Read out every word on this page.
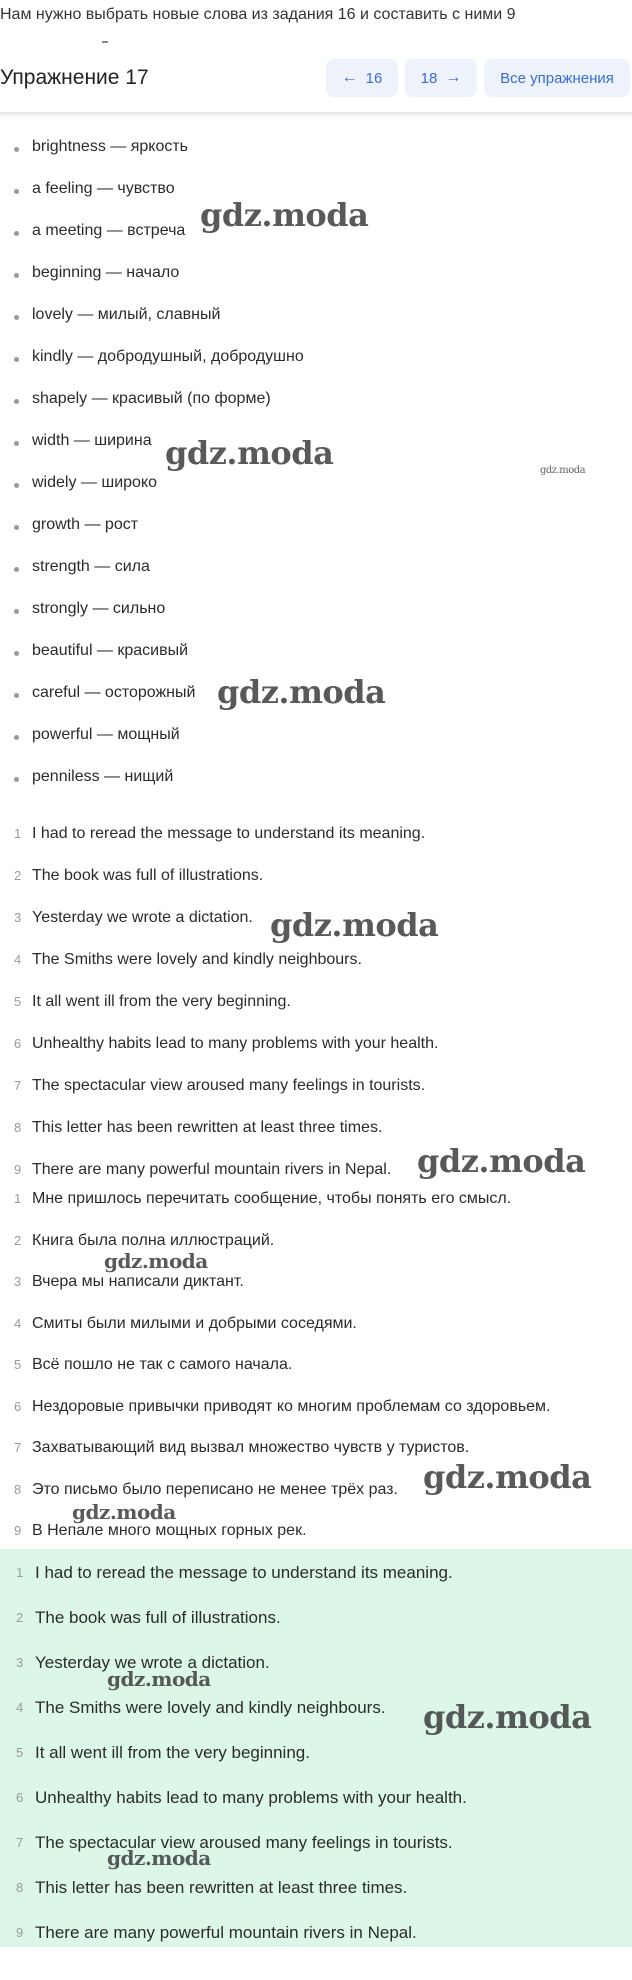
Нам нужно выбрать новые слова из задания 16 и составить с ними 9
brightness — яркость
a feeling — чувство
a meeting — встреча
beginning — начало
lovely — милый, славный
kindly — добродушный, добродушно
shapely — красивый (по форме)
width — ширина
widely — широко
growth — рост
strength — сила
strongly — сильно
beautiful — красивый
careful — осторожный
powerful — мощный
penniless — нищий
1 I had to reread the message to understand its meaning.
2 The book was full of illustrations.
3 Yesterday we wrote a dictation.
4 The Smiths were lovely and kindly neighbours.
5 It all went ill from the very beginning.
6 Unhealthy habits lead to many problems with your health.
7 The spectacular view aroused many feelings in tourists.
8 This letter has been rewritten at least three times.
9 There are many powerful mountain rivers in Nepal.
1 Мне пришлось перечитать сообщение, чтобы понять его смысл.
2 Книга была полна иллюстраций.
3 Вчера мы написали диктант.
4 Смиты были милыми и добрыми соседями.
5 Всё пошло не так с самого начала.
6 Нездоровые привычки приводят ко многим проблемам со здоровьем.
7 Захватывающий вид вызвал множество чувств у туристов.
8 Это письмо было переписано не менее трёх раз.
9 В Непале много мощных горных рек.
1 I had to reread the message to understand its meaning.
2 The book was full of illustrations.
3 Yesterday we wrote a dictation.
4 The Smiths were lovely and kindly neighbours.
5 It all went ill from the very beginning.
6 Unhealthy habits lead to many problems with your health.
7 The spectacular view aroused many feelings in tourists.
8 This letter has been rewritten at least three times.
9 There are many powerful mountain rivers in Nepal.
Упражнение 17	← 16	18 →	Все упражнения
gdz.moda
gdz.moda	gdz.moda
gdz.moda
gdz.moda
gdz.moda
gdz.moda
gdz.moda
gdz.moda
gdz.moda
gdz.moda
gdz.moda
